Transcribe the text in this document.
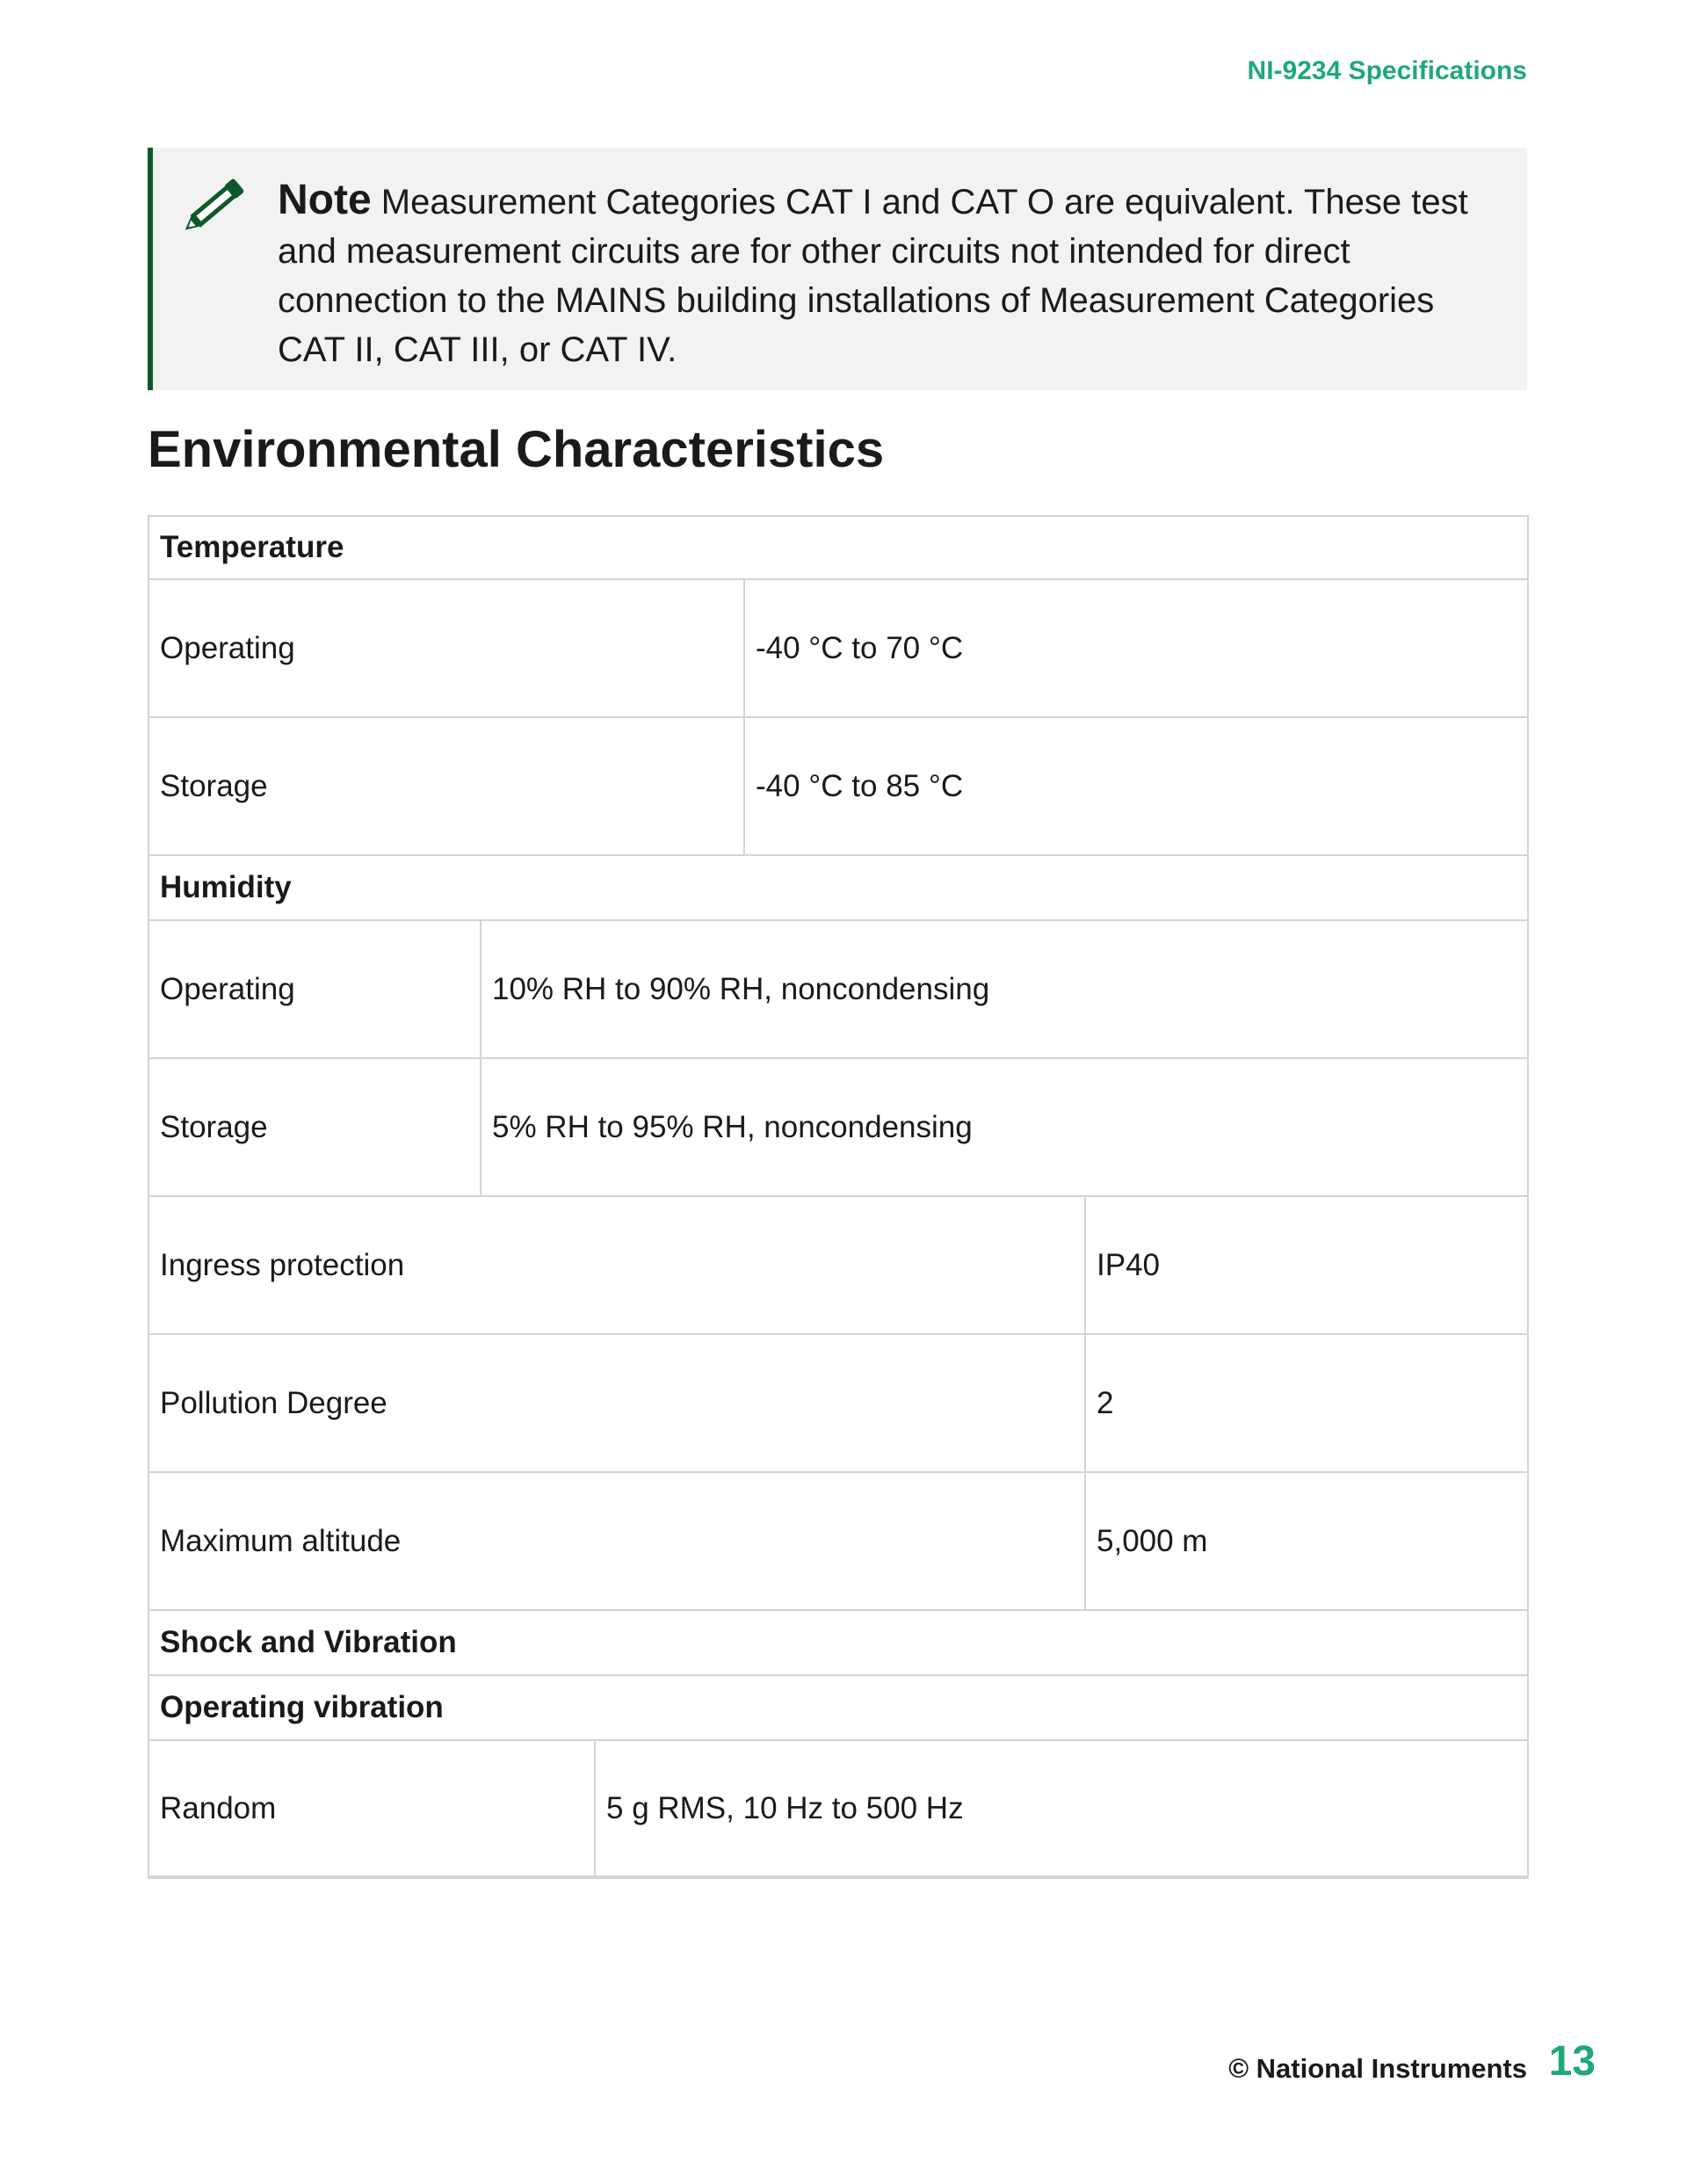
NI-9234 Specifications
Note Measurement Categories CAT I and CAT O are equivalent. These test and measurement circuits are for other circuits not intended for direct connection to the MAINS building installations of Measurement Categories CAT II, CAT III, or CAT IV.
Environmental Characteristics
Temperature
Operating	-40 °C to 70 °C
Storage	-40 °C to 85 °C
Humidity
Operating	10% RH to 90% RH, noncondensing
Storage	5% RH to 95% RH, noncondensing
Ingress protection	IP40
Pollution Degree	2
Maximum altitude	5,000 m
Shock and Vibration
Operating vibration
Random	5 g RMS, 10 Hz to 500 Hz
© National Instruments 13
